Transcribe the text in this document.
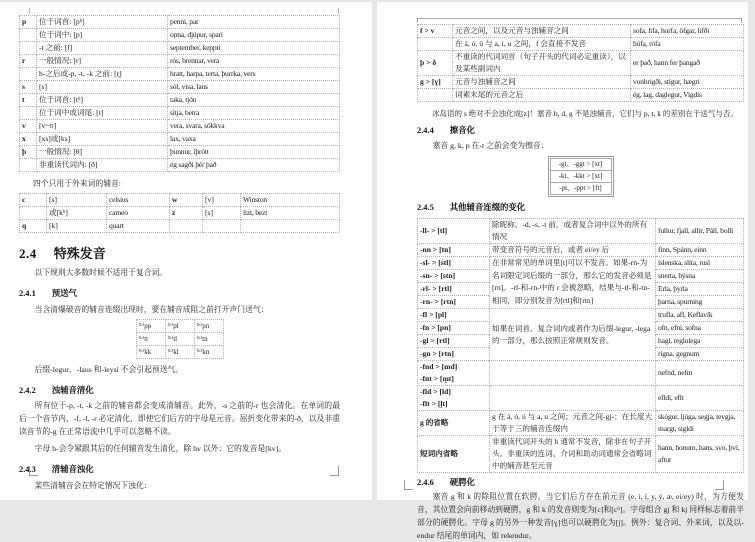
p	位于词首: [pʰ]	penni, par
	位于词中: [p]	opna, djúpur, spari
	-t 之前: [f]	september, keppti
r	一般情况: [r]	rós, brennar, vera
	h-之后或-p, -t, -k 之前: [r̥]	hratt, harpa, terta, þurrka, vers
s	[s]	sól, visa, laus
t	位于词首: [tʰ]	taka, tjón
	位于词中或词尾: [t]	sitja, betra
v	[v~ʊ]	vera, svara, sökkva
x	[xs]或[ks]	lax, vaxa
þ	一般情况: [θ]	þunnur, íþrótt
	非重读代词内: [ð]	ég sagði þér það

四个只用于外来词的辅音:

c	[s]	celsius	w	[v]	Winston
	或[kʰ]	cameo	z	[s]	lizt, bezt
q	[k]	quart			
2.4 特殊发音

以下规则大多数时候不适用于复合词。

2.4.1 预送气

当含清爆破音的辅音连缀出现时，要在辅音成阻之前打开声门送气：

⁽ʰ⁾pp	⁽ʰ⁾pl	⁽ʰ⁾pn
⁽ʰ⁾tt	⁽ʰ⁾tl	⁽ʰ⁾tn
⁽ʰ⁾kk	⁽ʰ⁾kl	⁽ʰ⁾kn

后缀-legur、-laus 和-leysi 不会引起预送气。

2.4.2 浊辅音清化

所有位于-p, -t, -k 之前的辅音都会变成清辅音。此外，-s 之前的-r 也会清化。在单词的最后一个音节内，-f, -l, -r 必定清化，即使它们后方的字母是元音。屈折变化带来的-ð，以及非重读音节的-g 在正常语流中几乎可以忽略不读。

字母 h-会令紧跟其后的任何辅音发生清化，除 hv 以外：它的发音是[kv]。

2.4.3 清辅音浊化

某些清辅音会在特定情况下浊化：

f > v	元音之间，以及元音与浊辅音之间	sofa, lifa, horfa, öfgar, lifði
	在 á, ó, ú 与 a, i, u 之间，f 会直接不发音	húfa, rófa
þ > ð	不重读的代词词首（句子开头的代词必定重读），以及某些副词内	er það, hann fer þangað
g > [ɣ]	元音与浊辅音之间	vonbrigði, stígur, hægri
	词素末尾的元音之后	ég, lag, daglegur, Vigdís

冰岛语的 s 绝对不会浊化成[z]！塞音 b, d, g 不是浊辅音，它们与 p, t, k 的差别在于送气与否。

2.4.4 擦音化

塞音 g, k, p 在-t 之前会变为擦音：

-gt、-ggt > [xt]
-kt、-kkt > [xt]
-pt、-ppt > [ft]
2.4.5 其他辅音连缀的变化
-ll- > [tl]	除昵称、-d, -s, -t 前，或者复合词中以外的所有情况	fullur, fjall, allir, Páll, bolli
-nn > [tn]	带变音符号的元音后，或者 ei/ey 后	finn, Spánn, einn
-sl- > [stl]	在非常常见的单词里[t]可以不发音。如果-rn-为名词限定词后缀的一部分，那么它的发音必须是[rn]。-rl-和-rn-中的 r 会被忽略，结果与-tl-和-tn-相同，即分别发音为[rtl]和[rtn]	íslenska, slíta, rusl
-sn- > [stn]		snerta, býsna
-rl- > [rtl]		Erla, þyrla
-rn- > [rtn]		þarna, spurning
-fl > [pl]	如果在词首、复合词内或者作为后缀-legur, -lega 的一部分，那么按照正常规则发音。	trufla, afl, Keflavík
-fn > [pn]		ofn, efni, sofna
-gl > [rtl]		hagl, reglulega
-gn > [rtn]		rigna, gegnum

-fnd > [md]
-fnt > [m̥t]		nefnd, nefnt

-fld > [ld]
-flt > [l̥t]		efldi, eflt
g 的省略	g 在 á, ó, ú 与 a, u 之间；元音之间-gj-；在长度大于等于三的辅音连缀内	skógur, ljúga, segja, teygja, margt, sigldi
短词内省略	非重读代词开头的 h 通常不发音，除非在句子开头。非重读的连词、介词和助动词通常会省略词中的辅音甚至元音	hann, honum, hans, svo, því, aftur
2.4.6 硬腭化

塞音 g 和 k 的除阻位置在软腭。当它们后方存在前元音 (e, i, í, y, ý, æ, ei/ey) 时，为方便发音，其位置会向前移动到硬腭，g 和 k 的发音则变为[c]和[cʰ]。字母组合 gj 和 kj 同样标志着前半部分的硬腭化。字母 g 的另外一种发音[ɣ]也可以硬腭化为[j]。例外：复合词、外来词，以及以-endur 结尾的单词内，如 rekendur。
